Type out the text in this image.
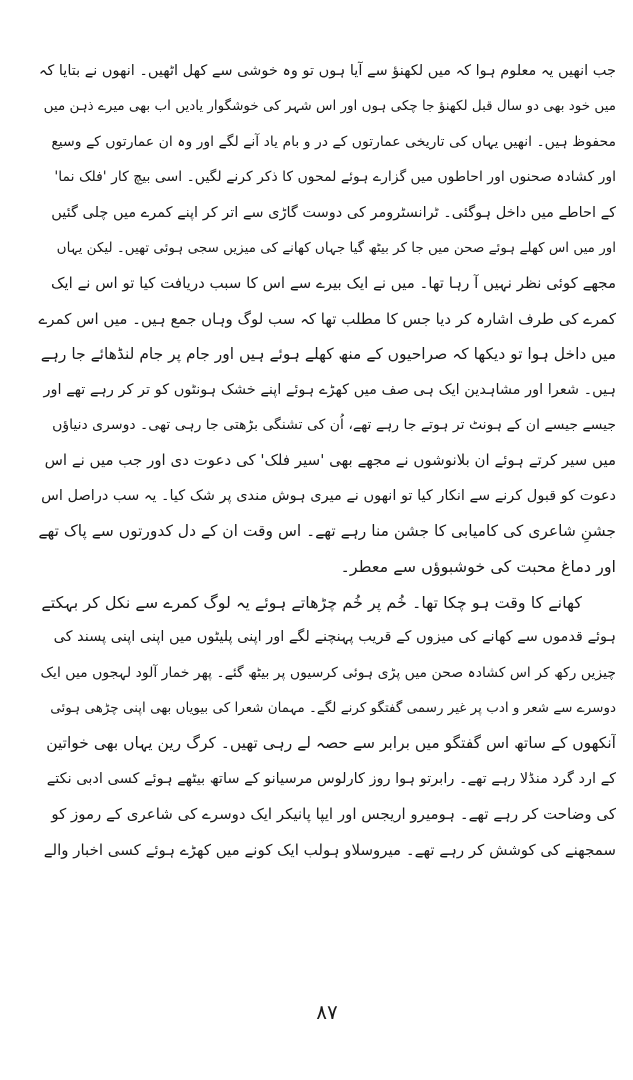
جب انھیں یہ معلوم ہوا کہ میں لکھنؤ سے آیا ہوں تو وہ خوشی سے کھل اٹھیں۔ انھوں نے بتایا کہ
میں خود بھی دو سال قبل لکھنؤ جا چکی ہوں اور اس شہر کی خوشگوار یادیں اب بھی میرے ذہن میں
محفوظ ہیں۔ انھیں یہاں کی تاریخی عمارتوں کے در و بام یاد آنے لگے اور وہ ان عمارتوں کے وسیع
اور کشادہ صحنوں اور احاطوں میں گزارے ہوئے لمحوں کا ذکر کرنے لگیں۔ اسی بیچ کار 'فلک نما'
کے احاطے میں داخل ہوگئی۔ ٹرانسٹرومر کی دوست گاڑی سے اتر کر اپنے کمرے میں چلی گئیں
اور میں اس کھلے ہوئے صحن میں جا کر بیٹھ گیا جہاں کھانے کی میزیں سجی ہوئی تھیں۔ لیکن یہاں
مجھے کوئی نظر نہیں آ رہا تھا۔ میں نے ایک بیرے سے اس کا سبب دریافت کیا تو اس نے ایک
کمرے کی طرف اشارہ کر دیا جس کا مطلب تھا کہ سب لوگ وہاں جمع ہیں۔ میں اس کمرے
میں داخل ہوا تو دیکھا کہ صراحیوں کے منھ کھلے ہوئے ہیں اور جام پر جام لنڈھائے جا رہے
ہیں۔ شعرا اور مشاہدین ایک ہی صف میں کھڑے ہوئے اپنے خشک ہونٹوں کو تر کر رہے تھے اور
جیسے جیسے ان کے ہونٹ تر ہوتے جا رہے تھے، اُن کی تشنگی بڑھتی جا رہی تھی۔ دوسری دنیاؤں
میں سیر کرتے ہوئے ان بلانوشوں نے مجھے بھی 'سیر فلک' کی دعوت دی اور جب میں نے اس
دعوت کو قبول کرنے سے انکار کیا تو انھوں نے میری ہوش مندی پر شک کیا۔ یہ سب دراصل اس
جشنِ شاعری کی کامیابی کا جشن منا رہے تھے۔ اس وقت ان کے دل کدورتوں سے پاک تھے
اور دماغ محبت کی خوشبوؤں سے معطر۔
کھانے کا وقت ہو چکا تھا۔ خُم پر خُم چڑھاتے ہوئے یہ لوگ کمرے سے نکل کر بہکتے
ہوئے قدموں سے کھانے کی میزوں کے قریب پہنچنے لگے اور اپنی پلیٹوں میں اپنی اپنی پسند کی
چیزیں رکھ کر اس کشادہ صحن میں پڑی ہوئی کرسیوں پر بیٹھ گئے۔ پھر خمار آلود لہجوں میں ایک
دوسرے سے شعر و ادب پر غیر رسمی گفتگو کرنے لگے۔ مہمان شعرا کی بیویاں بھی اپنی چڑھی ہوئی
آنکھوں کے ساتھ اس گفتگو میں برابر سے حصہ لے رہی تھیں۔ کرگ رین یہاں بھی خواتین
کے ارد گرد منڈلا رہے تھے۔ رابرتو ہوا روز کارلوس مرسیانو کے ساتھ بیٹھے ہوئے کسی ادبی نکتے
کی وضاحت کر رہے تھے۔ ہومیرو اریجس اور ایپا پانیکر ایک دوسرے کی شاعری کے رموز کو
سمجھنے کی کوشش کر رہے تھے۔ میروسلاو ہولب ایک کونے میں کھڑے ہوئے کسی اخبار والے
۸۷
